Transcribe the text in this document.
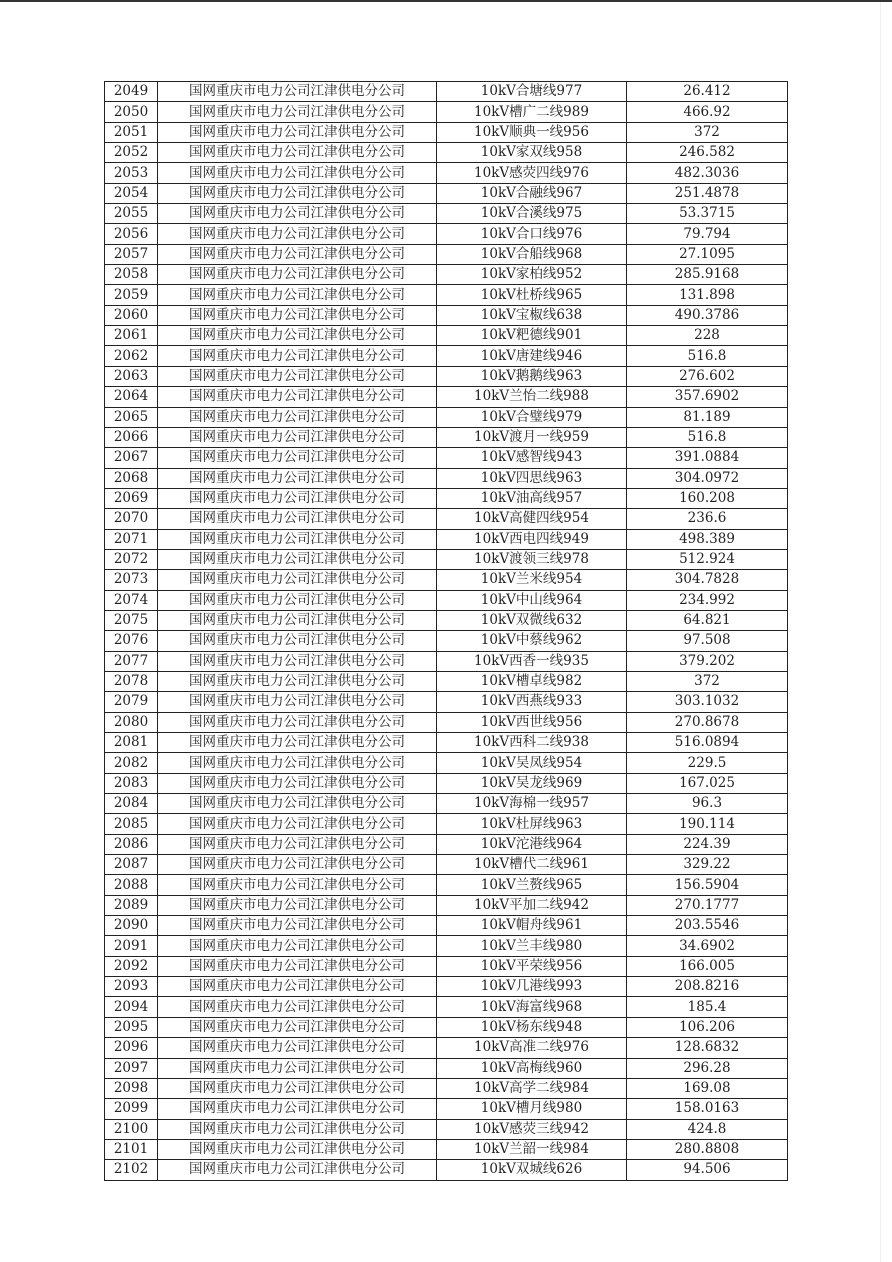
2049	国网重庆市电力公司江津供电分公司	10kV合塘线977	26.412
2050	国网重庆市电力公司江津供电分公司	10kV槽广二线989	466.92
2051	国网重庆市电力公司江津供电分公司	10kV顺典一线956	372
2052	国网重庆市电力公司江津供电分公司	10kV家双线958	246.582
2053	国网重庆市电力公司江津供电分公司	10kV感荧四线976	482.3036
2054	国网重庆市电力公司江津供电分公司	10kV合融线967	251.4878
2055	国网重庆市电力公司江津供电分公司	10kV合溪线975	53.3715
2056	国网重庆市电力公司江津供电分公司	10kV合口线976	79.794
2057	国网重庆市电力公司江津供电分公司	10kV合船线968	27.1095
2058	国网重庆市电力公司江津供电分公司	10kV家柏线952	285.9168
2059	国网重庆市电力公司江津供电分公司	10kV杜桥线965	131.898
2060	国网重庆市电力公司江津供电分公司	10kV宝椒线638	490.3786
2061	国网重庆市电力公司江津供电分公司	10kV粑德线901	228
2062	国网重庆市电力公司江津供电分公司	10kV唐建线946	516.8
2063	国网重庆市电力公司江津供电分公司	10kV鹅鹅线963	276.602
2064	国网重庆市电力公司江津供电分公司	10kV兰怡二线988	357.6902
2065	国网重庆市电力公司江津供电分公司	10kV合璧线979	81.189
2066	国网重庆市电力公司江津供电分公司	10kV渡月一线959	516.8
2067	国网重庆市电力公司江津供电分公司	10kV感智线943	391.0884
2068	国网重庆市电力公司江津供电分公司	10kV四思线963	304.0972
2069	国网重庆市电力公司江津供电分公司	10kV油高线957	160.208
2070	国网重庆市电力公司江津供电分公司	10kV高健四线954	236.6
2071	国网重庆市电力公司江津供电分公司	10kV西电四线949	498.389
2072	国网重庆市电力公司江津供电分公司	10kV渡领三线978	512.924
2073	国网重庆市电力公司江津供电分公司	10kV兰米线954	304.7828
2074	国网重庆市电力公司江津供电分公司	10kV中山线964	234.992
2075	国网重庆市电力公司江津供电分公司	10kV双微线632	64.821
2076	国网重庆市电力公司江津供电分公司	10kV中蔡线962	97.508
2077	国网重庆市电力公司江津供电分公司	10kV西香一线935	379.202
2078	国网重庆市电力公司江津供电分公司	10kV槽卓线982	372
2079	国网重庆市电力公司江津供电分公司	10kV西燕线933	303.1032
2080	国网重庆市电力公司江津供电分公司	10kV西世线956	270.8678
2081	国网重庆市电力公司江津供电分公司	10kV西科二线938	516.0894
2082	国网重庆市电力公司江津供电分公司	10kV吴凤线954	229.5
2083	国网重庆市电力公司江津供电分公司	10kV吴龙线969	167.025
2084	国网重庆市电力公司江津供电分公司	10kV海棉一线957	96.3
2085	国网重庆市电力公司江津供电分公司	10kV杜屏线963	190.114
2086	国网重庆市电力公司江津供电分公司	10kV沱港线964	224.39
2087	国网重庆市电力公司江津供电分公司	10kV槽代二线961	329.22
2088	国网重庆市电力公司江津供电分公司	10kV兰赘线965	156.5904
2089	国网重庆市电力公司江津供电分公司	10kV平加二线942	270.1777
2090	国网重庆市电力公司江津供电分公司	10kV帽舟线961	203.5546
2091	国网重庆市电力公司江津供电分公司	10kV兰丰线980	34.6902
2092	国网重庆市电力公司江津供电分公司	10kV平荣线956	166.005
2093	国网重庆市电力公司江津供电分公司	10kV几港线993	208.8216
2094	国网重庆市电力公司江津供电分公司	10kV海富线968	185.4
2095	国网重庆市电力公司江津供电分公司	10kV杨东线948	106.206
2096	国网重庆市电力公司江津供电分公司	10kV高准二线976	128.6832
2097	国网重庆市电力公司江津供电分公司	10kV高梅线960	296.28
2098	国网重庆市电力公司江津供电分公司	10kV高学二线984	169.08
2099	国网重庆市电力公司江津供电分公司	10kV槽月线980	158.0163
2100	国网重庆市电力公司江津供电分公司	10kV感荧三线942	424.8
2101	国网重庆市电力公司江津供电分公司	10kV兰韶一线984	280.8808
2102	国网重庆市电力公司江津供电分公司	10kV双城线626	94.506
